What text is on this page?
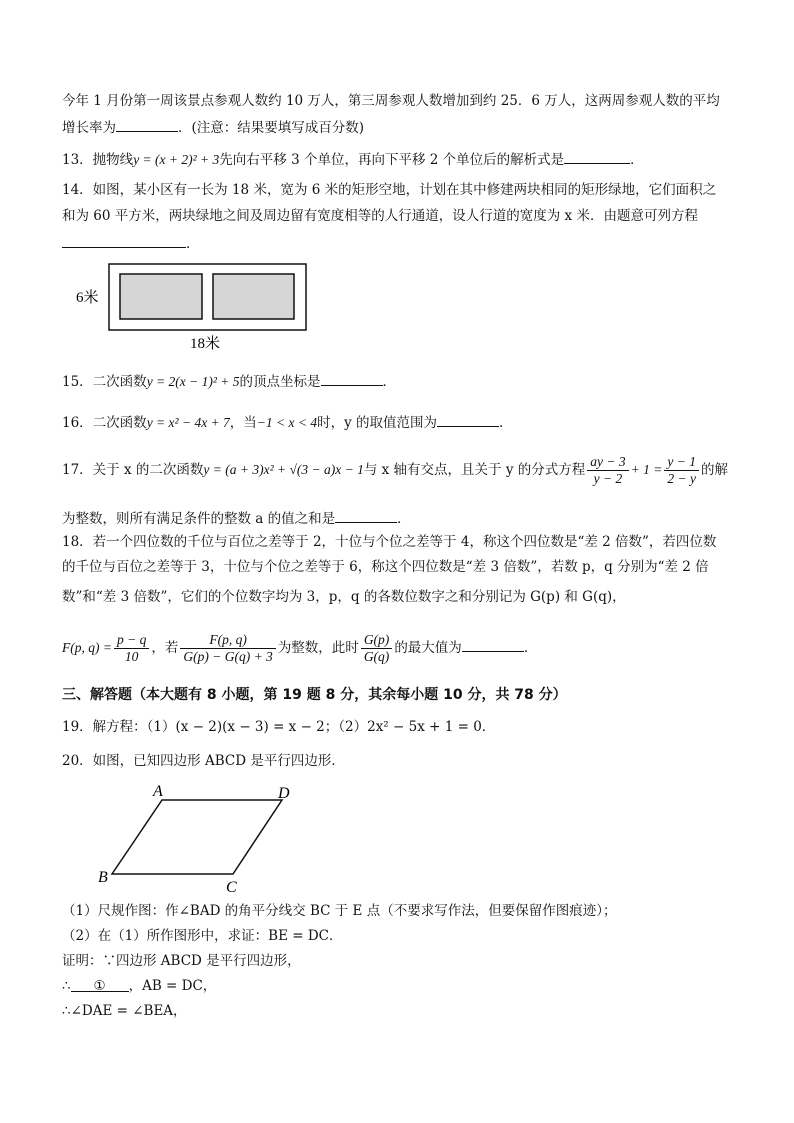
今年 1 月份第一周该景点参观人数约 10 万人，第三周参观人数增加到约 25．6 万人，这两周参观人数的平均
增长率为	．(注意：结果要填写成百分数)
13．抛物线y = (x + 2)² + 3先向右平移 3 个单位，再向下平移 2 个单位后的解析式是	．
14．如图，某小区有一长为 18 米，宽为 6 米的矩形空地，计划在其中修建两块相同的矩形绿地，它们面积之
和为 60 平方米，两块绿地之间及周边留有宽度相等的人行通道，设人行道的宽度为 x 米．由题意可列方程
．
6米
18米
15．二次函数y = 2(x − 1)² + 5的顶点坐标是	．
16．二次函数y = x² − 4x + 7，当−1 < x < 4时，y 的取值范围为	．
17．关于 x 的二次函数y = (a + 3)x² + √(3 − a)x − 1与 x 轴有交点，且关于 y 的分式方程 $\frac{ay - 3}{y - 2} + 1 = \frac{y - 1}{2 - y}$ 的解
为整数，则所有满足条件的整数 a 的值之和是	．
18．若一个四位数的千位与百位之差等于 2，十位与个位之差等于 4，称这个四位数是“差 2 倍数”，若四位数
的千位与百位之差等于 3，十位与个位之差等于 6，称这个四位数是“差 3 倍数”，若数 p，q 分别为“差 2 倍
数”和“差 3 倍数”，它们的个位数字均为 3，p，q 的各数位数字之和分别记为 G(p) 和 G(q)，
F(p, $q) = \frac{p - q}{10}$ ，若 $\frac{F(p, q)}{G(p) - G(q) + 3}$ 为整数，此时 $\frac{G(p)}{G(q)}$ 的最大值为	．
三、解答题（本大题有 8 小题，第 19 题 8 分，其余每小题 10 分，共 78 分）
19．解方程：（1）(x − 2)(x − 3) = x − 2；（2）2x² − 5x + 1 = 0．
20．如图，已知四边形 ABCD 是平行四边形．
A	D
B
C
（1）尺规作图：作∠BAD 的角平分线交 BC 于 E 点（不要求写作法，但要保留作图痕迹）；
（2）在（1）所作图形中，求证：BE = DC．
证明：∵四边形 ABCD 是平行四边形，
∴ ① ，AB = DC，
∴∠DAE = ∠BEA，
